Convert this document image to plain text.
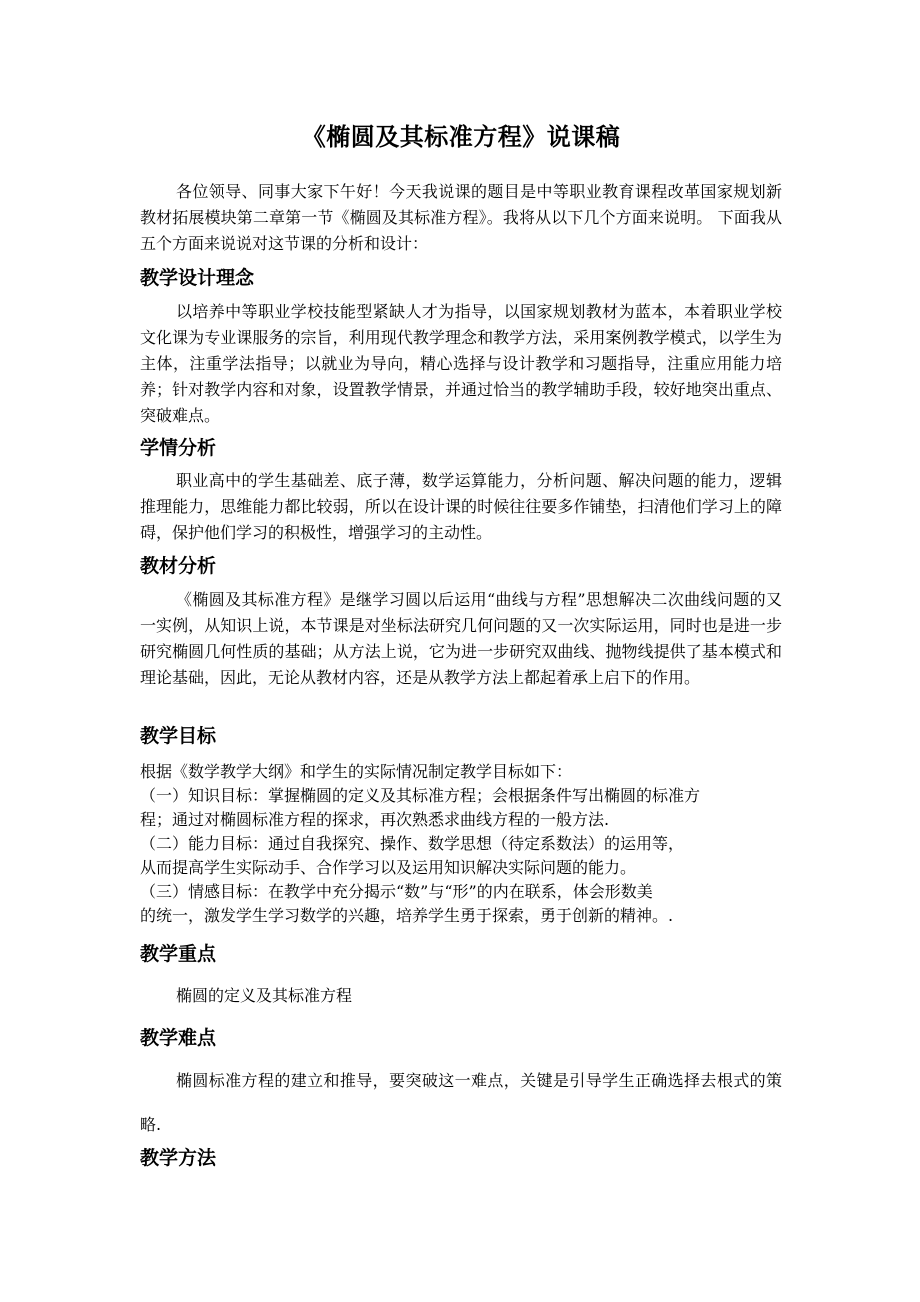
《椭圆及其标准方程》说课稿
各位领导、同事大家下午好！今天我说课的题目是中等职业教育课程改革国家规划新教材拓展模块第二章第一节《椭圆及其标准方程》。我将从以下几个方面来说明。 下面我从五个方面来说说对这节课的分析和设计：
教学设计理念
以培养中等职业学校技能型紧缺人才为指导，以国家规划教材为蓝本，本着职业学校文化课为专业课服务的宗旨，利用现代教学理念和教学方法，采用案例教学模式，以学生为主体，注重学法指导；以就业为导向，精心选择与设计教学和习题指导，注重应用能力培养；针对教学内容和对象，设置教学情景，并通过恰当的教学辅助手段，较好地突出重点、突破难点。
学情分析
职业高中的学生基础差、底子薄，数学运算能力，分析问题、解决问题的能力，逻辑推理能力，思维能力都比较弱，所以在设计课的时候往往要多作铺垫，扫清他们学习上的障碍，保护他们学习的积极性，增强学习的主动性。
教材分析
《椭圆及其标准方程》是继学习圆以后运用“曲线与方程”思想解决二次曲线问题的又一实例，从知识上说，本节课是对坐标法研究几何问题的又一次实际运用，同时也是进一步研究椭圆几何性质的基础；从方法上说，它为进一步研究双曲线、抛物线提供了基本模式和理论基础，因此，无论从教材内容，还是从教学方法上都起着承上启下的作用。
教学目标
根据《数学教学大纲》和学生的实际情况制定教学目标如下：
（一）知识目标：掌握椭圆的定义及其标准方程；会根据条件写出椭圆的标准方
程；通过对椭圆标准方程的探求，再次熟悉求曲线方程的一般方法.
（二）能力目标：通过自我探究、操作、数学思想（待定系数法）的运用等，
从而提高学生实际动手、合作学习以及运用知识解决实际问题的能力。
（三）情感目标：在教学中充分揭示“数”与“形”的内在联系，体会形数美
的统一，激发学生学习数学的兴趣，培养学生勇于探索，勇于创新的精神。.
教学重点
椭圆的定义及其标准方程
教学难点
椭圆标准方程的建立和推导，要突破这一难点，关键是引导学生正确选择去根式的策略.
教学方法
